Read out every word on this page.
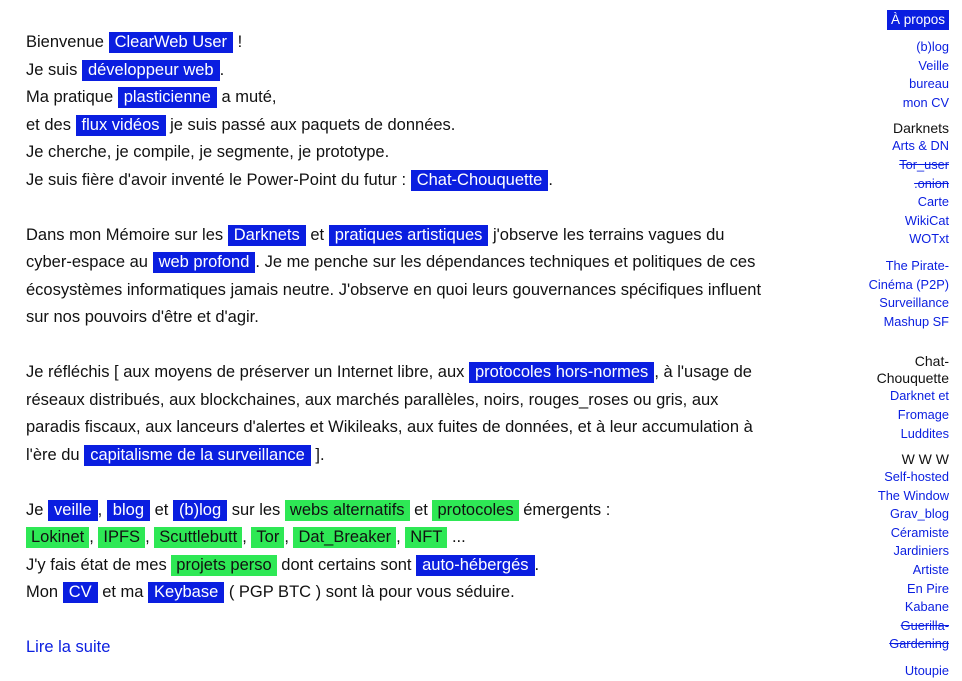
Bienvenue ClearWeb User !
Je suis développeur web .
Ma pratique plasticienne a muté,
et des flux vidéos je suis passé aux paquets de données.
Je cherche, je compile, je segmente, je prototype.
Je suis fière d'avoir inventé le Power-Point du futur : Chat-Chouquette .

Dans mon Mémoire sur les Darknets et pratiques artistiques j'observe les terrains vagues du cyber-espace au web profond . Je me penche sur les dépendances techniques et politiques de ces écosystèmes informatiques jamais neutre. J'observe en quoi leurs gouvernances spécifiques influent sur nos pouvoirs d'être et d'agir.

Je réfléchis [ aux moyens de préserver un Internet libre, aux protocoles hors-normes , à l'usage de réseaux distribués, aux blockchaines, aux marchés parallèles, noirs, rouges_roses ou gris, aux paradis fiscaux, aux lanceurs d'alertes et Wikileaks, aux fuites de données, et à leur accumulation à l'ère du capitalisme de la surveillance ].

Je veille , blog et (b)log sur les webs alternatifs et protocoles émergents :
Lokinet , IPFS , Scuttlebutt , Tor , Dat_Breaker , NFT ...
J'y fais état de mes projets perso dont certains sont auto-hébergés .
Mon CV et ma Keybase ( PGP BTC ) sont là pour vous séduire.

Lire la suite
À propos
(b)log
Veille
bureau
mon CV
Darknets
Arts & DN
Tor_user
.onion
Carte
WikiCat
WOTxt
The Pirate-
Cinéma (P2P)
Surveillance
Mashup SF
Chat-
Chouquette
Darknet et
Fromage
Luddites
W W W
Self-hosted
The Window
Grav_blog
Céramiste
Jardiniers
Artiste
En Pire
Kabane
Guerilla-
Gardening
Utoupie
